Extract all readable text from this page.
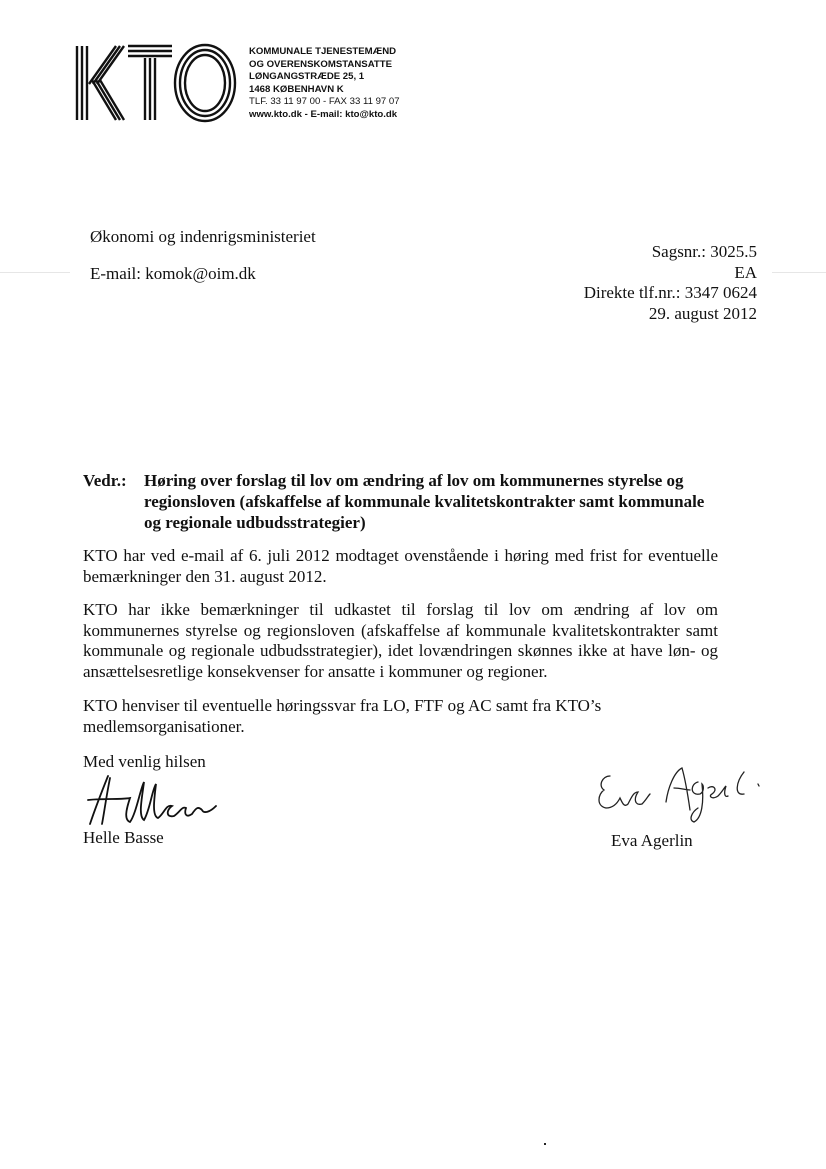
KOMMUNALE TJENESTEMÆND
OG OVERENSKOMSTANSATTE
LØNGANGSTRÆDE 25, 1
1468 KØBENHAVN K
TLF. 33 11 97 00 - FAX 33 11 97 07
www.kto.dk - E-mail: kto@kto.dk
Økonomi og indenrigsministeriet
E-mail: komok@oim.dk
Sagsnr.: 3025.5
EA
Direkte tlf.nr.: 3347 0624
29. august 2012
Vedr.: Høring over forslag til lov om ændring af lov om kommunernes styrelse og regionsloven (afskaffelse af kommunale kvalitetskontrakter samt kommunale og regionale udbudsstrategier)
KTO har ved e-mail af 6. juli 2012 modtaget ovenstående i høring med frist for eventuelle bemærkninger den 31. august 2012.
KTO har ikke bemærkninger til udkastet til forslag til lov om ændring af lov om kommunernes styrelse og regionsloven (afskaffelse af kommunale kvalitetskontrakter samt kommunale og regionale udbudsstrategier), idet lovændringen skønnes ikke at have løn- og ansættelsesretlige konsekvenser for ansatte i kommuner og regioner.
KTO henviser til eventuelle høringssvar fra LO, FTF og AC samt fra KTO’s medlemsorganisationer.
Med venlig hilsen
Helle Basse	Eva Agerlin
